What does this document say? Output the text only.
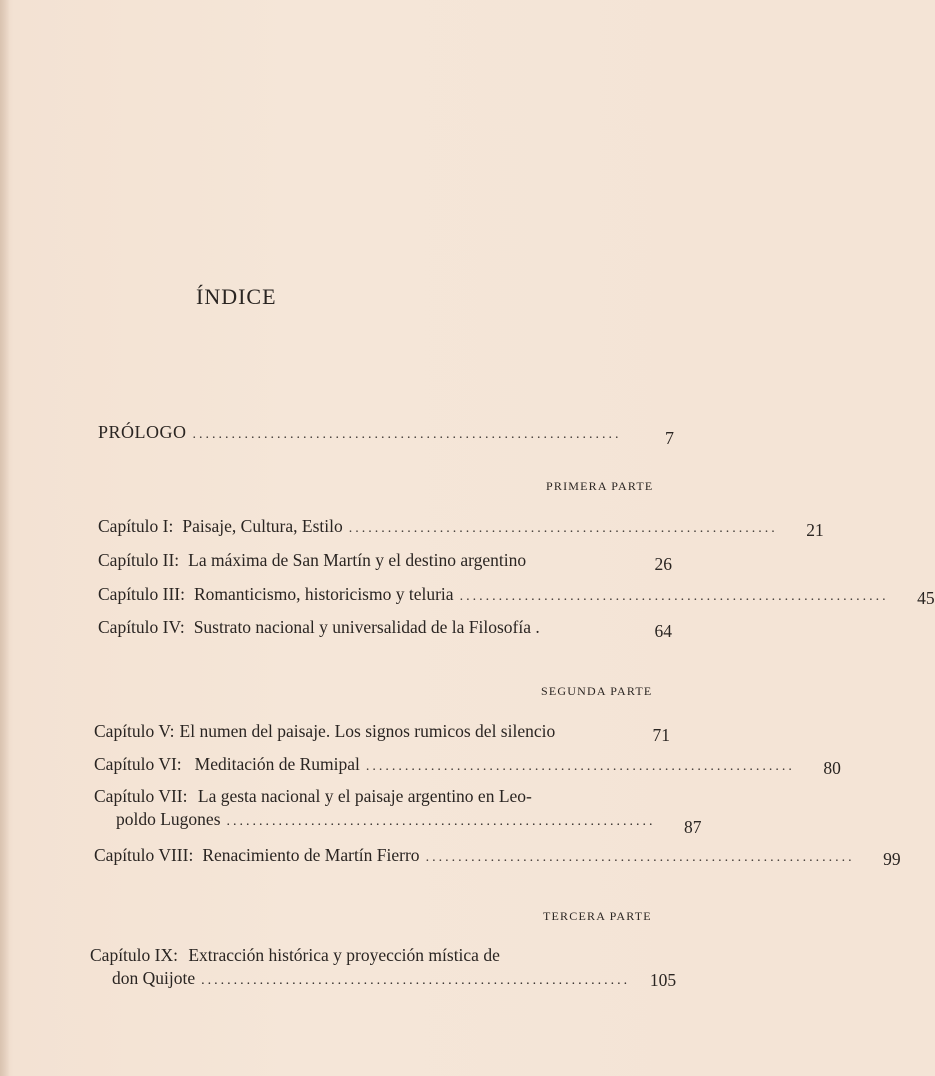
ÍNDICE
PRÓLOGO ..................................................................	7
PRIMERA PARTE
Capítulo I: Paisaje, Cultura, Estilo ..................................................................	21
Capítulo II: La máxima de San Martín y el destino argentino	26
Capítulo III: Romanticismo, historicismo y teluria ..................................................................	45
Capítulo IV: Sustrato nacional y universalidad de la Filosofía .	64
SEGUNDA PARTE
Capítulo V: El numen del paisaje. Los signos rumicos del silencio	71
Capítulo VI: Meditación de Rumipal ..................................................................	80
Capítulo VII: La gesta nacional y el paisaje argentino en Leo-
poldo Lugones ..................................................................	87
Capítulo VIII: Renacimiento de Martín Fierro ..................................................................	99
TERCERA PARTE
Capítulo IX: Extracción histórica y proyección mística de
don Quijote ..................................................................	105
